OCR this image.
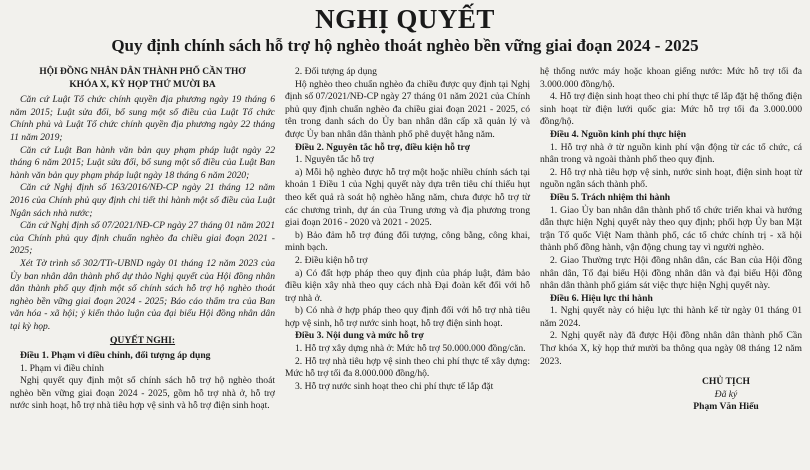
NGHỊ QUYẾT
Quy định chính sách hỗ trợ hộ nghèo thoát nghèo bền vững giai đoạn 2024 - 2025

HỘI ĐỒNG NHÂN DÂN THÀNH PHỐ CẦN THƠ

KHÓA X, KỲ HỌP THỨ MƯỜI BA

Căn cứ Luật Tổ chức chính quyền địa phương ngày 19 tháng 6 năm 2015; Luật sửa đổi, bổ sung một số điều của Luật Tổ chức Chính phủ và Luật Tổ chức chính quyền địa phương ngày 22 tháng 11 năm 2019;

Căn cứ Luật Ban hành văn bản quy phạm pháp luật ngày 22 tháng 6 năm 2015; Luật sửa đổi, bổ sung một số điều của Luật Ban hành văn bản quy phạm pháp luật ngày 18 tháng 6 năm 2020;

Căn cứ Nghị định số 163/2016/NĐ-CP ngày 21 tháng 12 năm 2016 của Chính phủ quy định chi tiết thi hành một số điều của Luật Ngân sách nhà nước;

Căn cứ Nghị định số 07/2021/NĐ-CP ngày 27 tháng 01 năm 2021 của Chính phủ quy định chuẩn nghèo đa chiều giai đoạn 2021 - 2025;

Xét Tờ trình số 302/TTr-UBND ngày 01 tháng 12 năm 2023 của Ủy ban nhân dân thành phố dự thảo Nghị quyết của Hội đồng nhân dân thành phố quy định một số chính sách hỗ trợ hộ nghèo thoát nghèo bền vững giai đoạn 2024 - 2025; Báo cáo thẩm tra của Ban văn hóa - xã hội; ý kiến thảo luận của đại biểu Hội đồng nhân dân tại kỳ họp.

QUYẾT NGHỊ:

Điều 1. Phạm vi điều chỉnh, đối tượng áp dụng

1. Phạm vi điều chỉnh

Nghị quyết quy định một số chính sách hỗ trợ hộ nghèo thoát nghèo bền vững giai đoạn 2024 - 2025, gồm hỗ trợ nhà ở, hỗ trợ nước sinh hoạt, hỗ trợ nhà tiêu hợp vệ sinh và hỗ trợ điện sinh hoạt.

2. Đối tượng áp dụng

Hộ nghèo theo chuẩn nghèo đa chiều được quy định tại Nghị định số 07/2021/NĐ-CP ngày 27 tháng 01 năm 2021 của Chính phủ quy định chuẩn nghèo đa chiều giai đoạn 2021 - 2025, có tên trong danh sách do Ủy ban nhân dân cấp xã quản lý và được Ủy ban nhân dân thành phố phê duyệt hằng năm.

Điều 2. Nguyên tắc hỗ trợ, điều kiện hỗ trợ

1. Nguyên tắc hỗ trợ

a) Mỗi hộ nghèo được hỗ trợ một hoặc nhiều chính sách tại khoản 1 Điều 1 của Nghị quyết này dựa trên tiêu chí thiếu hụt theo kết quả rà soát hộ nghèo hằng năm, chưa được hỗ trợ từ các chương trình, dự án của Trung ương và địa phương trong giai đoạn 2016 - 2020 và 2021 - 2025.

b) Bảo đảm hỗ trợ đúng đối tượng, công bằng, công khai, minh bạch.

2. Điều kiện hỗ trợ

a) Có đất hợp pháp theo quy định của pháp luật, đảm bảo điều kiện xây nhà theo quy cách nhà Đại đoàn kết đối với hỗ trợ nhà ở.

b) Có nhà ở hợp pháp theo quy định đối với hỗ trợ nhà tiêu hợp vệ sinh, hỗ trợ nước sinh hoạt, hỗ trợ điện sinh hoạt.

Điều 3. Nội dung và mức hỗ trợ

1. Hỗ trợ xây dựng nhà ở: Mức hỗ trợ 50.000.000 đồng/căn.

2. Hỗ trợ nhà tiêu hợp vệ sinh theo chi phí thực tế xây dựng: Mức hỗ trợ tối đa 8.000.000 đồng/hộ.

3. Hỗ trợ nước sinh hoạt theo chi phí thực tế lắp đặt

hệ thống nước máy hoặc khoan giếng nước: Mức hỗ trợ tối đa 3.000.000 đồng/hộ.

4. Hỗ trợ điện sinh hoạt theo chi phí thực tế lắp đặt hệ thống điện sinh hoạt từ điện lưới quốc gia: Mức hỗ trợ tối đa 3.000.000 đồng/hộ.

Điều 4. Nguồn kinh phí thực hiện

1. Hỗ trợ nhà ở từ nguồn kinh phí vận động từ các tổ chức, cá nhân trong và ngoài thành phố theo quy định.

2. Hỗ trợ nhà tiêu hợp vệ sinh, nước sinh hoạt, điện sinh hoạt từ nguồn ngân sách thành phố.

Điều 5. Trách nhiệm thi hành

1. Giao Ủy ban nhân dân thành phố tổ chức triển khai và hướng dẫn thực hiện Nghị quyết này theo quy định; phối hợp Ủy ban Mặt trận Tổ quốc Việt Nam thành phố, các tổ chức chính trị - xã hội thành phố đồng hành, vận động chung tay vì người nghèo.

2. Giao Thường trực Hội đồng nhân dân, các Ban của Hội đồng nhân dân, Tổ đại biểu Hội đồng nhân dân và đại biểu Hội đồng nhân dân thành phố giám sát việc thực hiện Nghị quyết này.

Điều 6. Hiệu lực thi hành

1. Nghị quyết này có hiệu lực thi hành kể từ ngày 01 tháng 01 năm 2024.

2. Nghị quyết này đã được Hội đồng nhân dân thành phố Cần Thơ khóa X, kỳ họp thứ mười ba thông qua ngày 08 tháng 12 năm 2023.

CHỦ TỊCH

Đã ký

Phạm Văn Hiếu
